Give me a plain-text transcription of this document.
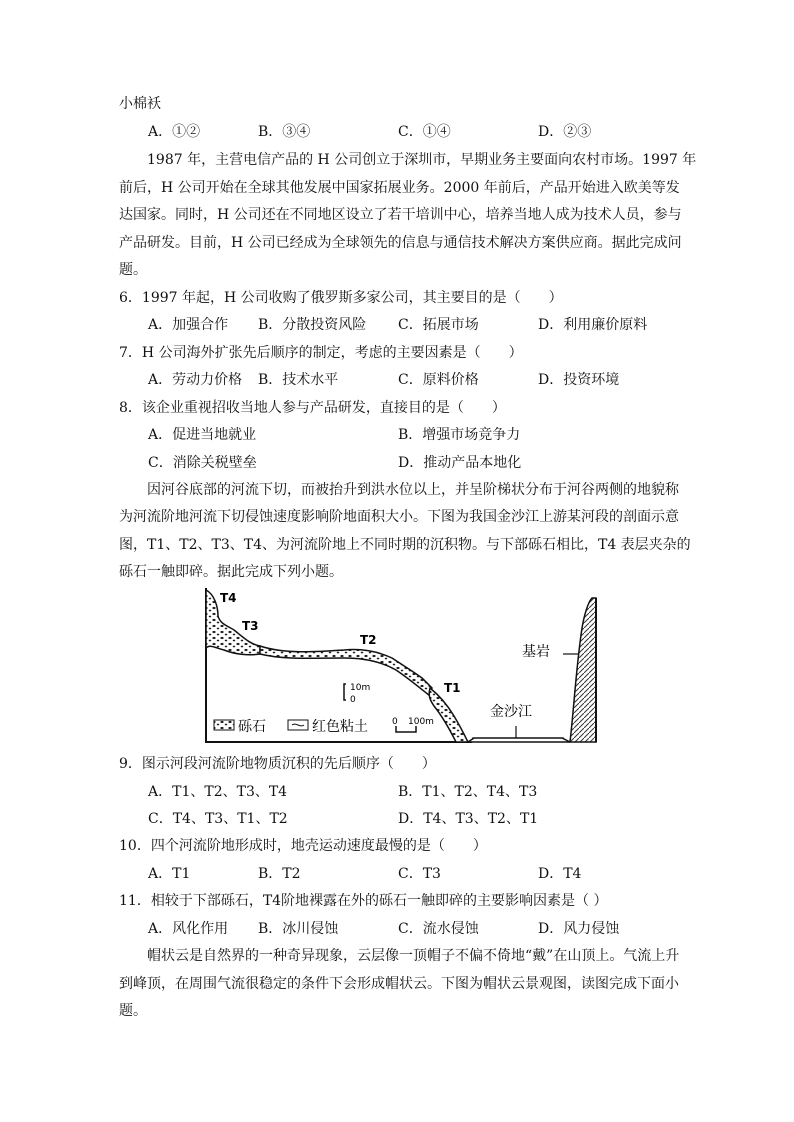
小棉袄
A．①②	B．③④	C．①④	D．②③
1987 年，主营电信产品的 H 公司创立于深圳市，早期业务主要面向农村市场。1997 年
前后，H 公司开始在全球其他发展中国家拓展业务。2000 年前后，产品开始进入欧美等发
达国家。同时，H 公司还在不同地区设立了若干培训中心，培养当地人成为技术人员，参与
产品研发。目前，H 公司已经成为全球领先的信息与通信技术解决方案供应商。据此完成问
题。
6．1997 年起，H 公司收购了俄罗斯多家公司，其主要目的是（　　）
A．加强合作 B．分散投资风险 C．拓展市场	D．利用廉价原料
7．H 公司海外扩张先后顺序的制定，考虑的主要因素是（　　）
A．劳动力价格 B．技术水平	C．原料价格	D．投资环境
8．该企业重视招收当地人参与产品研发，直接目的是（　　）
A．促进当地就业	B．增强市场竞争力
C．消除关税壁垒	D．推动产品本地化
因河谷底部的河流下切，而被抬升到洪水位以上，并呈阶梯状分布于河谷两侧的地貌称
为河流阶地河流下切侵蚀速度影响阶地面积大小。下图为我国金沙江上游某河段的剖面示意
图，T1、T2、T3、T4、为河流阶地上不同时期的沉积物。与下部砾石相比，T4 表层夹杂的
砾石一触即碎。据此完成下列小题。
T4
T3
T2
T1
基岩
金沙江
10m
0
0 100m
砾石	红色粘土
9．图示河段河流阶地物质沉积的先后顺序（　　）
A．T1、T2、T3、T4	B．T1、T2、T4、T3
C．T4、T3、T1、T2	D．T4、T3、T2、T1
10．四个河流阶地形成时，地壳运动速度最慢的是（　　）
A．T1	B．T2	C．T3	D．T4
11．相较于下部砾石，T4阶地裸露在外的砾石一触即碎的主要影响因素是（ ）
A．风化作用 B．冰川侵蚀	C．流水侵蚀	D．风力侵蚀
帽状云是自然界的一种奇异现象，云层像一顶帽子不偏不倚地“戴”在山顶上。气流上升
到峰顶，在周围气流很稳定的条件下会形成帽状云。下图为帽状云景观图，读图完成下面小
题。
